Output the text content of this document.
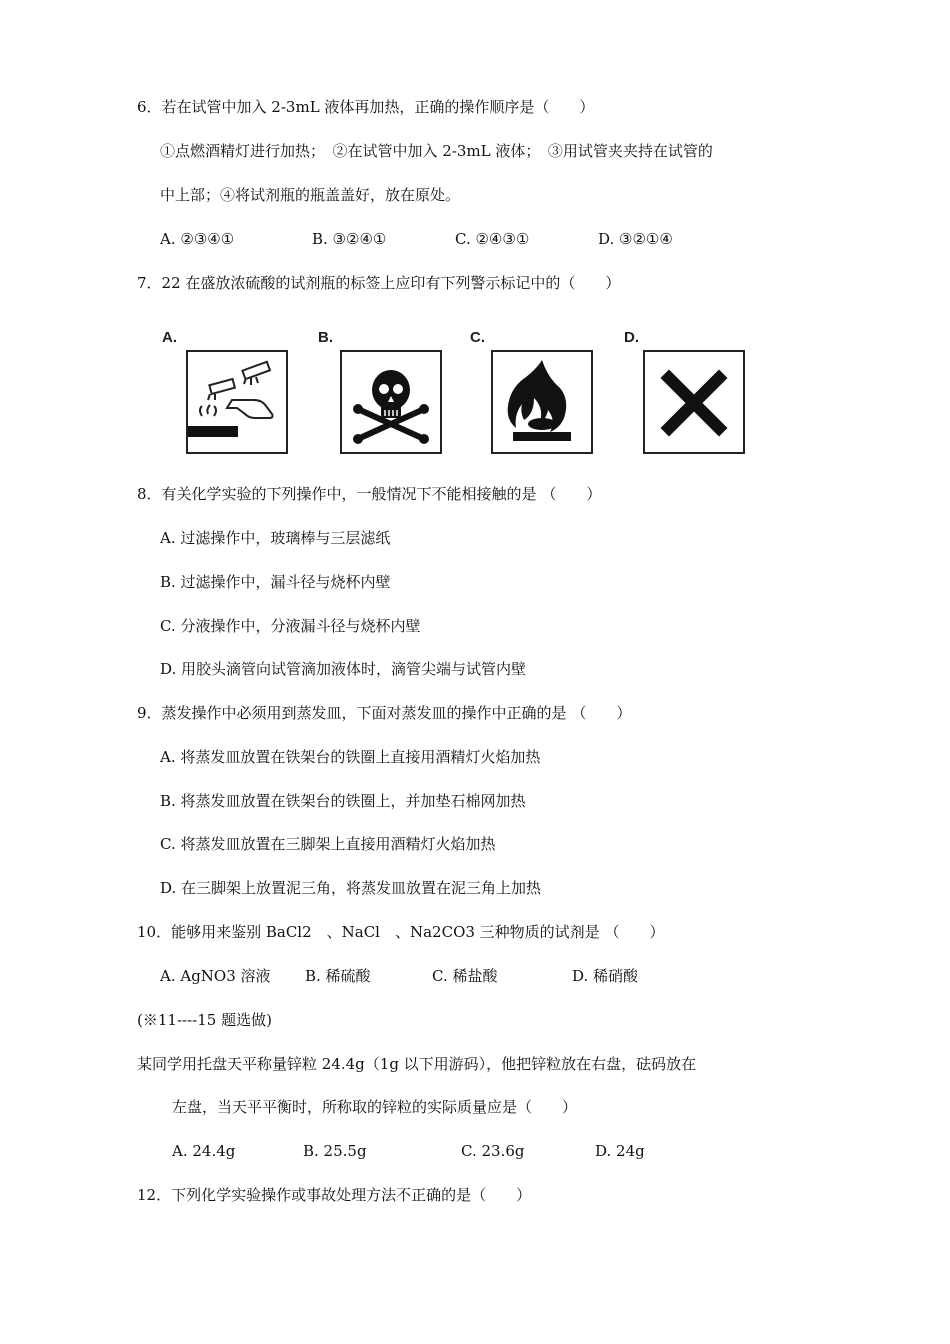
6．若在试管中加入 2-3mL 液体再加热，正确的操作顺序是（　　）
①点燃酒精灯进行加热；　②在试管中加入 2-3mL 液体；　③用试管夹夹持在试管的
中上部；④将试剂瓶的瓶盖盖好，放在原处。
A. ②③④①	B. ③②④①	C. ②④③①	D. ③②①④
7．22 在盛放浓硫酸的试剂瓶的标签上应印有下列警示标记中的（　　）
A.	B.	C.	D.
8．有关化学实验的下列操作中，一般情况下不能相接触的是 （　　）
A. 过滤操作中，玻璃棒与三层滤纸
B. 过滤操作中，漏斗径与烧杯内壁
C. 分液操作中，分液漏斗径与烧杯内壁
D. 用胶头滴管向试管滴加液体时，滴管尖端与试管内壁
9．蒸发操作中必须用到蒸发皿，下面对蒸发皿的操作中正确的是 （　　）
A. 将蒸发皿放置在铁架台的铁圈上直接用酒精灯火焰加热
B. 将蒸发皿放置在铁架台的铁圈上，并加垫石棉网加热
C. 将蒸发皿放置在三脚架上直接用酒精灯火焰加热
D. 在三脚架上放置泥三角，将蒸发皿放置在泥三角上加热
10．能够用来鉴别 BaCl2　、NaCl　、Na2CO3 三种物质的试剂是 （　　）
A. AgNO3 溶液 B. 稀硫酸	C. 稀盐酸	D. 稀硝酸
(※11----15 题选做)
某同学用托盘天平称量锌粒 24.4g（1g 以下用游码），他把锌粒放在右盘，砝码放在
左盘，当天平平衡时，所称取的锌粒的实际质量应是（　　）
A. 24.4g	B. 25.5g	C. 23.6g	D. 24g
12．下列化学实验操作或事故处理方法不正确的是（　　）
